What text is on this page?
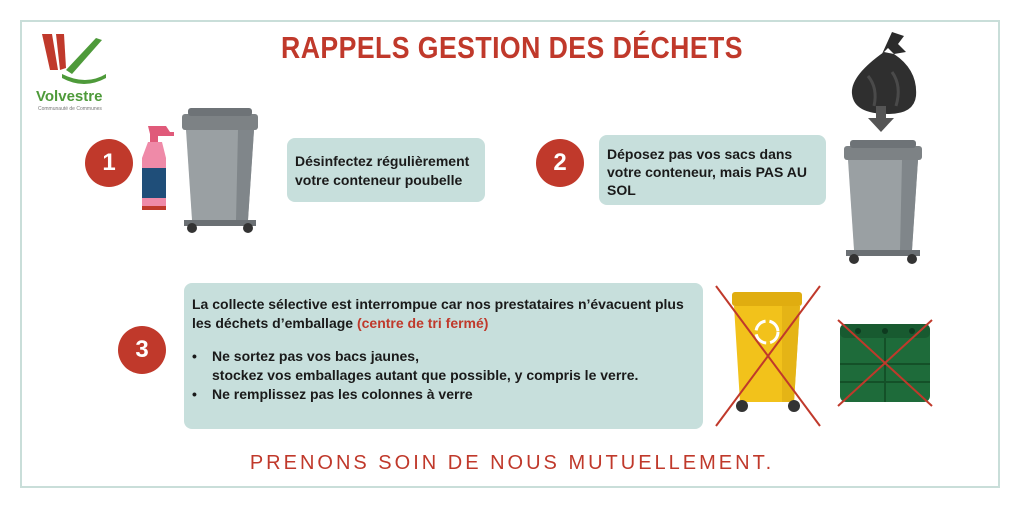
Volvestre
Communauté de Communes
RAPPELS GESTION DES DÉCHETS
1	Désinfectez régulièrement votre conteneur poubelle
2	Déposez pas vos sacs dans votre conteneur, mais PAS AU SOL
3
La collecte sélective est interrompue car nos prestataires n’évacuent plus
les déchets d’emballage (centre de tri fermé)
• Ne sortez pas vos bacs jaunes,
stockez vos emballages autant que possible, y compris le verre.
• Ne remplissez pas les colonnes à verre
PRENONS SOIN DE NOUS MUTUELLEMENT.
